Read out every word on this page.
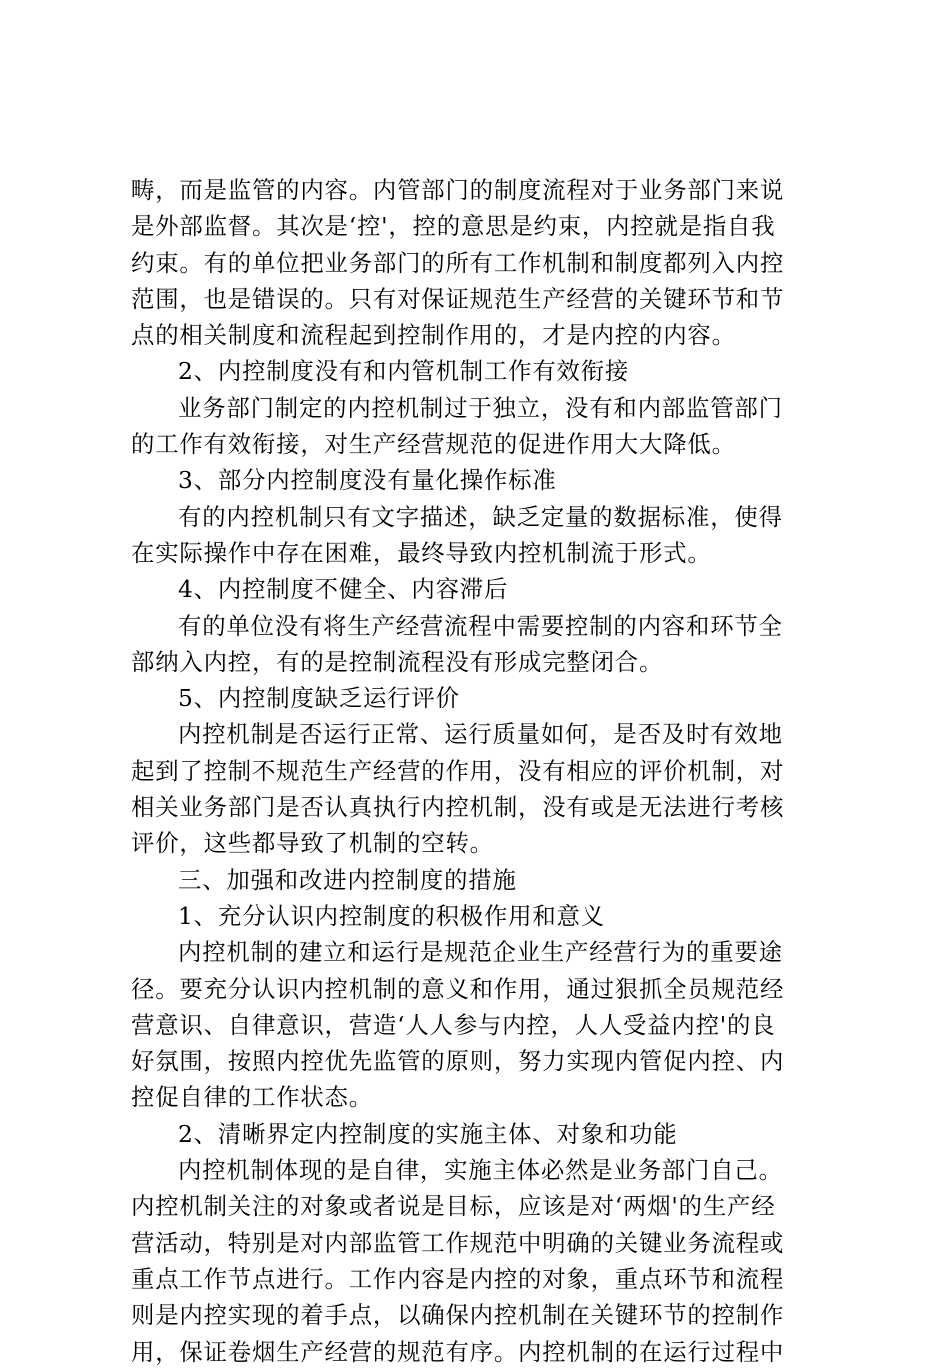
畴，而是监管的内容。内管部门的制度流程对于业务部门来说
是外部监督。其次是‘控'，控的意思是约束，内控就是指自我
约束。有的单位把业务部门的所有工作机制和制度都列入内控
范围，也是错误的。只有对保证规范生产经营的关键环节和节
点的相关制度和流程起到控制作用的，才是内控的内容。
2、内控制度没有和内管机制工作有效衔接
业务部门制定的内控机制过于独立，没有和内部监管部门
的工作有效衔接，对生产经营规范的促进作用大大降低。
3、部分内控制度没有量化操作标准
有的内控机制只有文字描述，缺乏定量的数据标准，使得
在实际操作中存在困难，最终导致内控机制流于形式。
4、内控制度不健全、内容滞后
有的单位没有将生产经营流程中需要控制的内容和环节全
部纳入内控，有的是控制流程没有形成完整闭合。
5、内控制度缺乏运行评价
内控机制是否运行正常、运行质量如何，是否及时有效地
起到了控制不规范生产经营的作用，没有相应的评价机制，对
相关业务部门是否认真执行内控机制，没有或是无法进行考核
评价，这些都导致了机制的空转。
三、加强和改进内控制度的措施
1、充分认识内控制度的积极作用和意义
内控机制的建立和运行是规范企业生产经营行为的重要途
径。要充分认识内控机制的意义和作用，通过狠抓全员规范经
营意识、自律意识，营造‘人人参与内控，人人受益内控'的良
好氛围，按照内控优先监管的原则，努力实现内管促内控、内
控促自律的工作状态。
2、清晰界定内控制度的实施主体、对象和功能
内控机制体现的是自律，实施主体必然是业务部门自己。
内控机制关注的对象或者说是目标，应该是对‘两烟'的生产经
营活动，特别是对内部监管工作规范中明确的关键业务流程或
重点工作节点进行。工作内容是内控的对象，重点环节和流程
则是内控实现的着手点，以确保内控机制在关键环节的控制作
用，保证卷烟生产经营的规范有序。内控机制的在运行过程中
